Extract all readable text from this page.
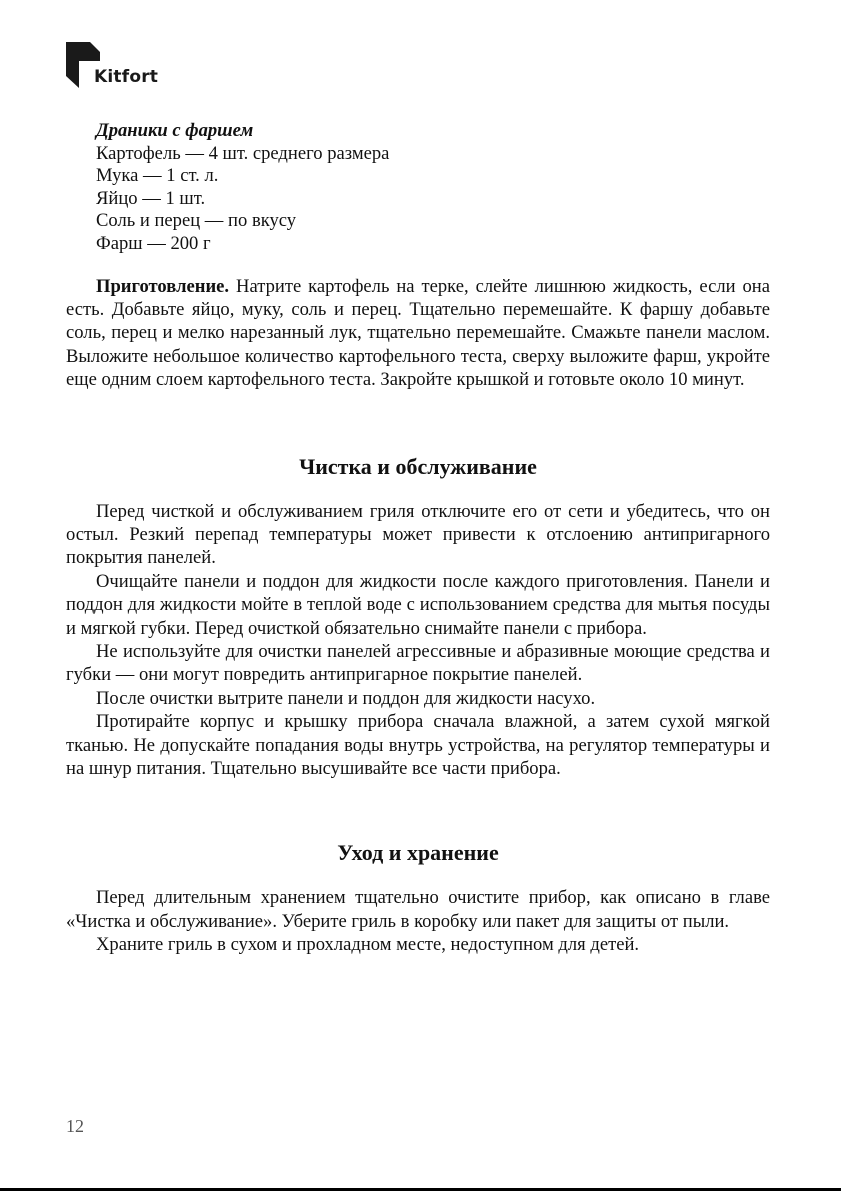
Kitfort
Драники с фаршем
Картофель — 4 шт. среднего размера
Мука — 1 ст. л.
Яйцо — 1 шт.
Соль и перец — по вкусу
Фарш — 200 г

Приготовление. Натрите картофель на терке, слейте лишнюю жидкость, если она есть. Добавьте яйцо, муку, соль и перец. Тщательно перемешайте. К фаршу добавьте соль, перец и мелко нарезанный лук, тщательно перемешайте. Смажьте панели маслом. Выложите небольшое количество картофельного теста, сверху выложите фарш, укройте еще одним слоем картофельного теста. Закройте крышкой и готовьте около 10 минут.

Чистка и обслуживание

Перед чисткой и обслуживанием гриля отключите его от сети и убедитесь, что он остыл. Резкий перепад температуры может привести к отслоению антипригарного покрытия панелей.

Очищайте панели и поддон для жидкости после каждого приготовления. Панели и поддон для жидкости мойте в теплой воде с использованием средства для мытья посуды и мягкой губки. Перед очисткой обязательно снимайте панели с прибора.

Не используйте для очистки панелей агрессивные и абразивные моющие средства и губки — они могут повредить антипригарное покрытие панелей.

После очистки вытрите панели и поддон для жидкости насухо.

Протирайте корпус и крышку прибора сначала влажной, а затем сухой мягкой тканью. Не допускайте попадания воды внутрь устройства, на регулятор температуры и на шнур питания. Тщательно высушивайте все части прибора.

Уход и хранение

Перед длительным хранением тщательно очистите прибор, как описано в главе «Чистка и обслуживание». Уберите гриль в коробку или пакет для защиты от пыли.

Храните гриль в сухом и прохладном месте, недоступном для детей.

12
